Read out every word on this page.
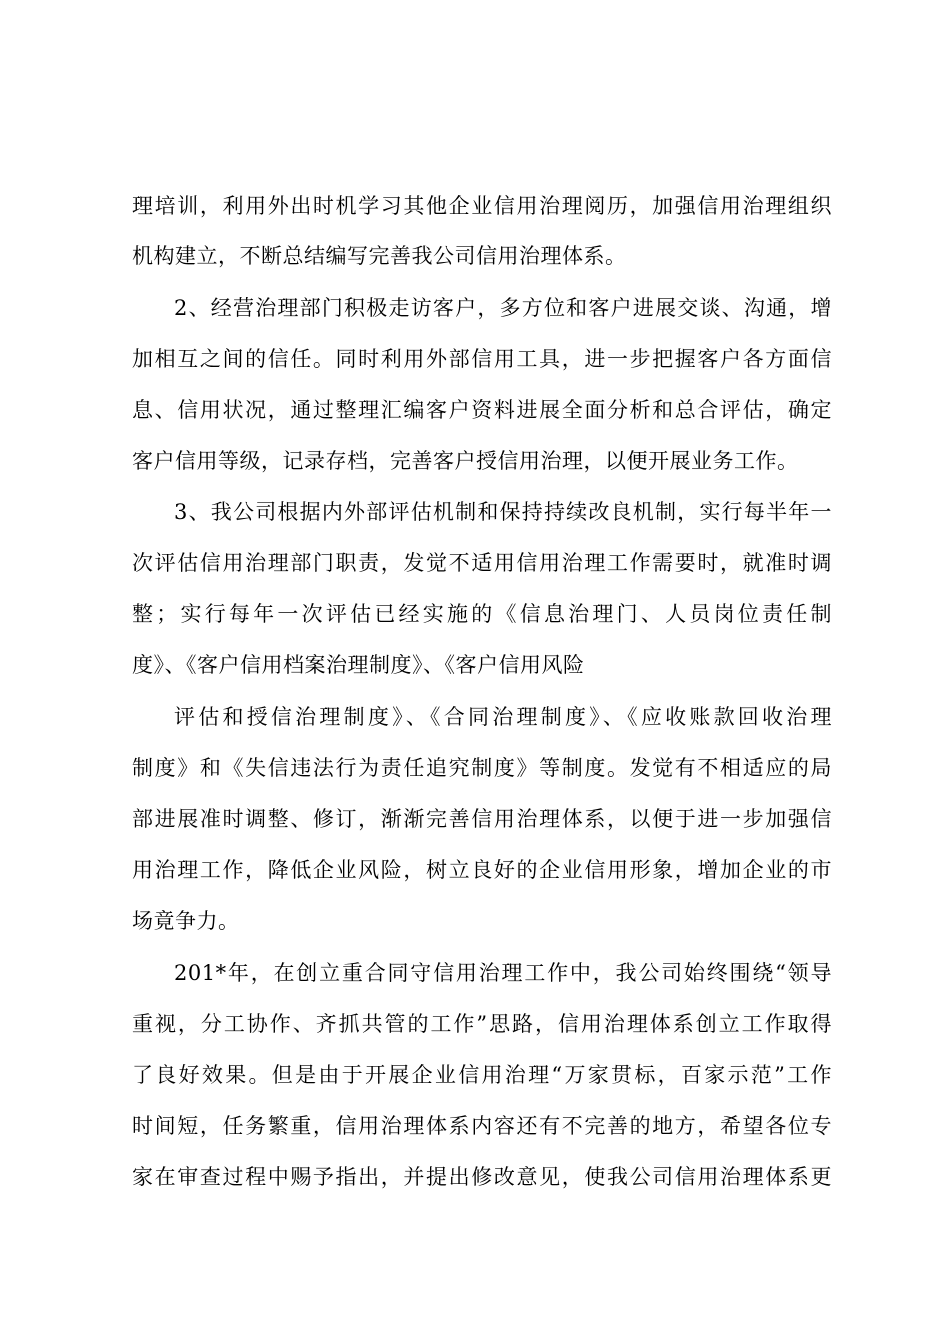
理培训，利用外出时机学习其他企业信用治理阅历，加强信用治理组织
机构建立，不断总结编写完善我公司信用治理体系。
2、经营治理部门积极走访客户，多方位和客户进展交谈、沟通，增
加相互之间的信任。同时利用外部信用工具，进一步把握客户各方面信
息、信用状况，通过整理汇编客户资料进展全面分析和总合评估，确定
客户信用等级，记录存档，完善客户授信用治理，以便开展业务工作。
3、我公司根据内外部评估机制和保持持续改良机制，实行每半年一
次评估信用治理部门职责，发觉不适用信用治理工作需要时，就准时调
整；实行每年一次评估已经实施的《信息治理门、人员岗位责任制
度》、《客户信用档案治理制度》、《客户信用风险
评估和授信治理制度》、《合同治理制度》、《应收账款回收治理
制度》和《失信违法行为责任追究制度》等制度。发觉有不相适应的局
部进展准时调整、修订，渐渐完善信用治理体系，以便于进一步加强信
用治理工作，降低企业风险，树立良好的企业信用形象，增加企业的市
场竟争力。
201*年，在创立重合同守信用治理工作中，我公司始终围绕“领导
重视，分工协作、齐抓共管的工作”思路，信用治理体系创立工作取得
了良好效果。但是由于开展企业信用治理“万家贯标，百家示范”工作
时间短，任务繁重，信用治理体系内容还有不完善的地方，希望各位专
家在审查过程中赐予指出，并提出修改意见，使我公司信用治理体系更
